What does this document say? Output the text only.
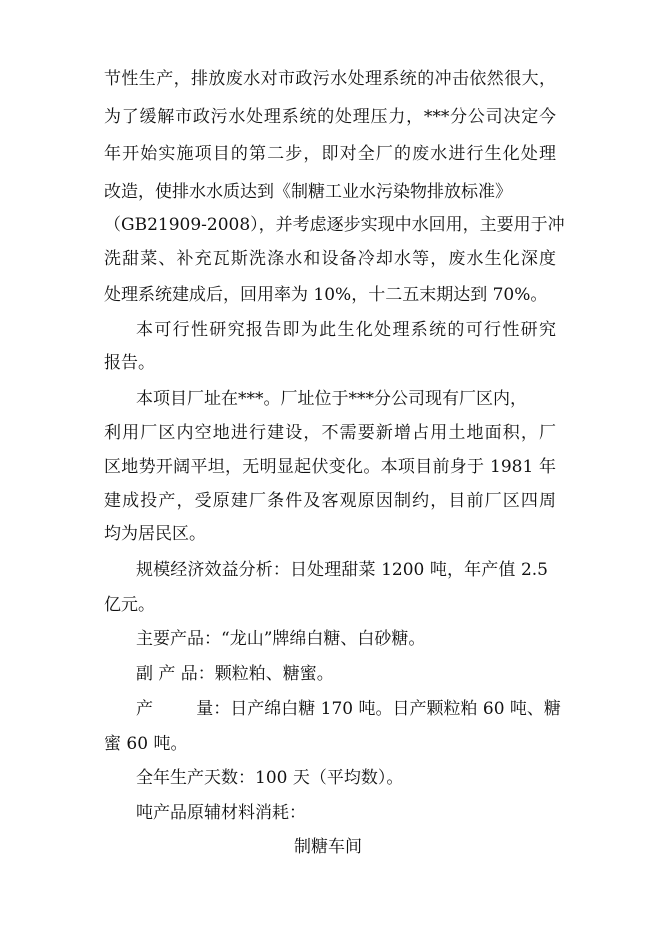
节性生产，排放废水对市政污水处理系统的冲击依然很大，
为了缓解市政污水处理系统的处理压力，***分公司决定今
年开始实施项目的第二步，即对全厂的废水进行生化处理
改造，使排水水质达到《制糖工业水污染物排放标准》
（GB21909-2008），并考虑逐步实现中水回用，主要用于冲
洗甜菜、补充瓦斯洗涤水和设备冷却水等，废水生化深度
处理系统建成后，回用率为 10%，十二五末期达到 70%。
本可行性研究报告即为此生化处理系统的可行性研究
报告。
本项目厂址在***。厂址位于***分公司现有厂区内，
利用厂区内空地进行建设，不需要新增占用土地面积，厂
区地势开阔平坦，无明显起伏变化。本项目前身于 1981 年
建成投产，受原建厂条件及客观原因制约，目前厂区四周
均为居民区。
规模经济效益分析：日处理甜菜 1200 吨，年产值 2.5
亿元。
主要产品：“龙山”牌绵白糖、白砂糖。
副 产 品：颗粒粕、糖蜜。
产        量：日产绵白糖 170 吨。日产颗粒粕 60 吨、糖
蜜 60 吨。
全年生产天数：100 天（平均数）。
吨产品原辅材料消耗：
制糖车间
